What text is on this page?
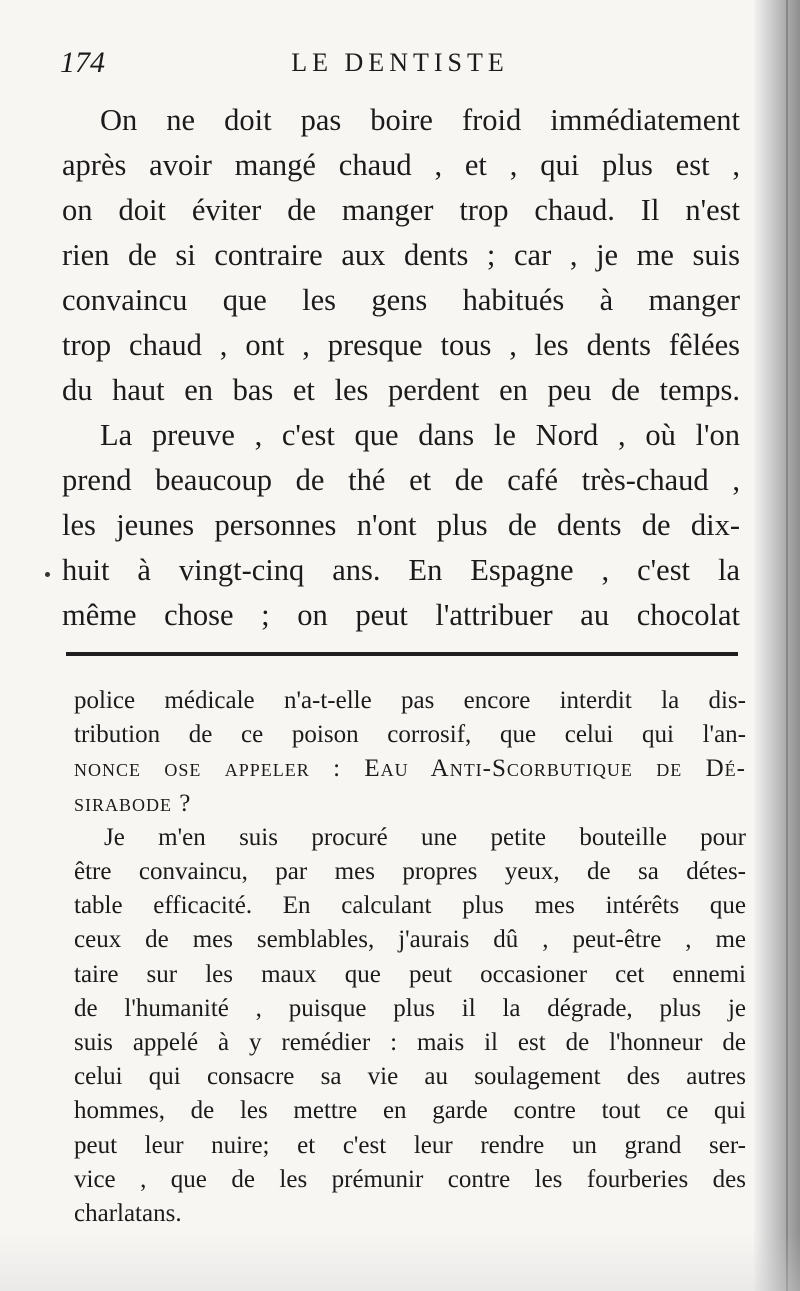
174	LE DENTISTE
On ne doit pas boire froid immédiatement
après avoir mangé chaud , et , qui plus est ,
on doit éviter de manger trop chaud. Il n'est
rien de si contraire aux dents ; car , je me suis
convaincu que les gens habitués à manger
trop chaud , ont , presque tous , les dents fêlées
du haut en bas et les perdent en peu de temps.
La preuve , c'est que dans le Nord , où l'on
prend beaucoup de thé et de café très-chaud ,
les jeunes personnes n'ont plus de dents de dix-
huit à vingt-cinq ans. En Espagne , c'est la
même chose ; on peut l'attribuer au chocolat
police médicale n'a-t-elle pas encore interdit la dis-
tribution de ce poison corrosif, que celui qui l'an-
nonce ose appeler : Eau Anti-Scorbutique de Dé-
sirabode ?
Je m'en suis procuré une petite bouteille pour
être convaincu, par mes propres yeux, de sa détes-
table efficacité. En calculant plus mes intérêts que
ceux de mes semblables, j'aurais dû , peut-être , me
taire sur les maux que peut occasioner cet ennemi
de l'humanité , puisque plus il la dégrade, plus je
suis appelé à y remédier : mais il est de l'honneur de
celui qui consacre sa vie au soulagement des autres
hommes, de les mettre en garde contre tout ce qui
peut leur nuire; et c'est leur rendre un grand ser-
vice , que de les prémunir contre les fourberies des
charlatans.
